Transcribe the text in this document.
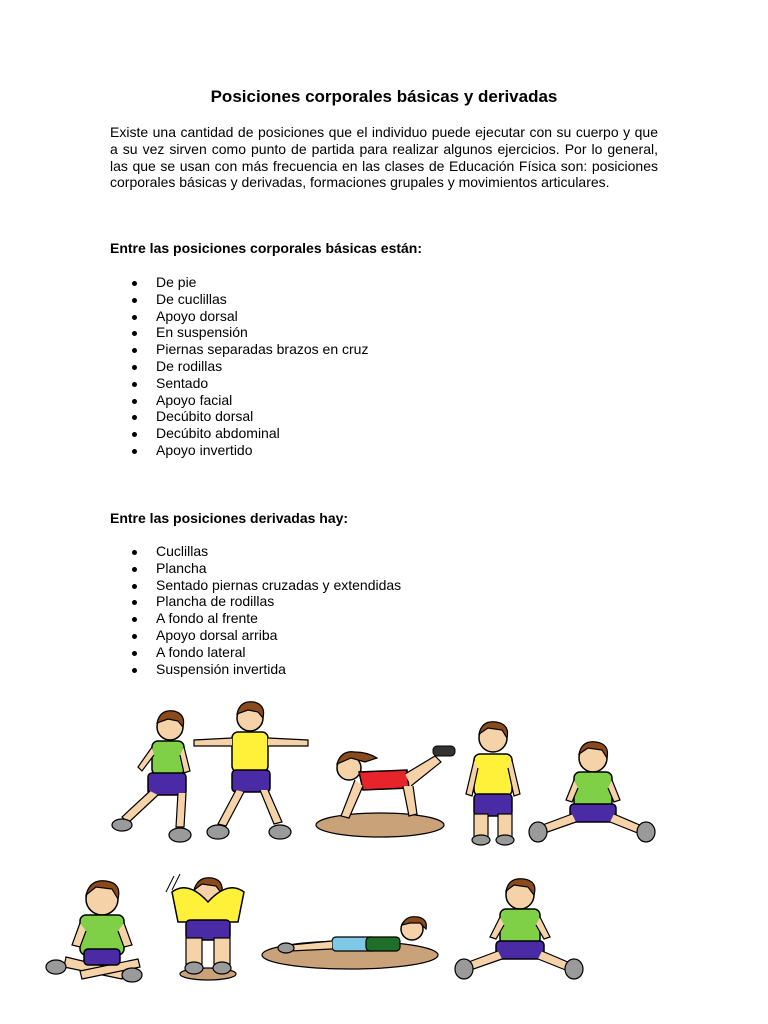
Posiciones corporales básicas y derivadas
Existe una cantidad de posiciones que el individuo puede ejecutar con su cuerpo y que a su vez sirven como punto de partida para realizar algunos ejercicios. Por lo general, las que se usan con más frecuencia en las clases de Educación Física son: posiciones corporales básicas y derivadas, formaciones grupales y movimientos articulares.
Entre las posiciones corporales básicas están:
De pie
De cuclillas
Apoyo dorsal
En suspensión
Piernas separadas brazos en cruz
De rodillas
Sentado
Apoyo facial
Decúbito dorsal
Decúbito abdominal
Apoyo invertido
Entre las posiciones derivadas hay:
Cuclillas
Plancha
Sentado piernas cruzadas y extendidas
Plancha de rodillas
A fondo al frente
Apoyo dorsal arriba
A fondo lateral
Suspensión invertida
